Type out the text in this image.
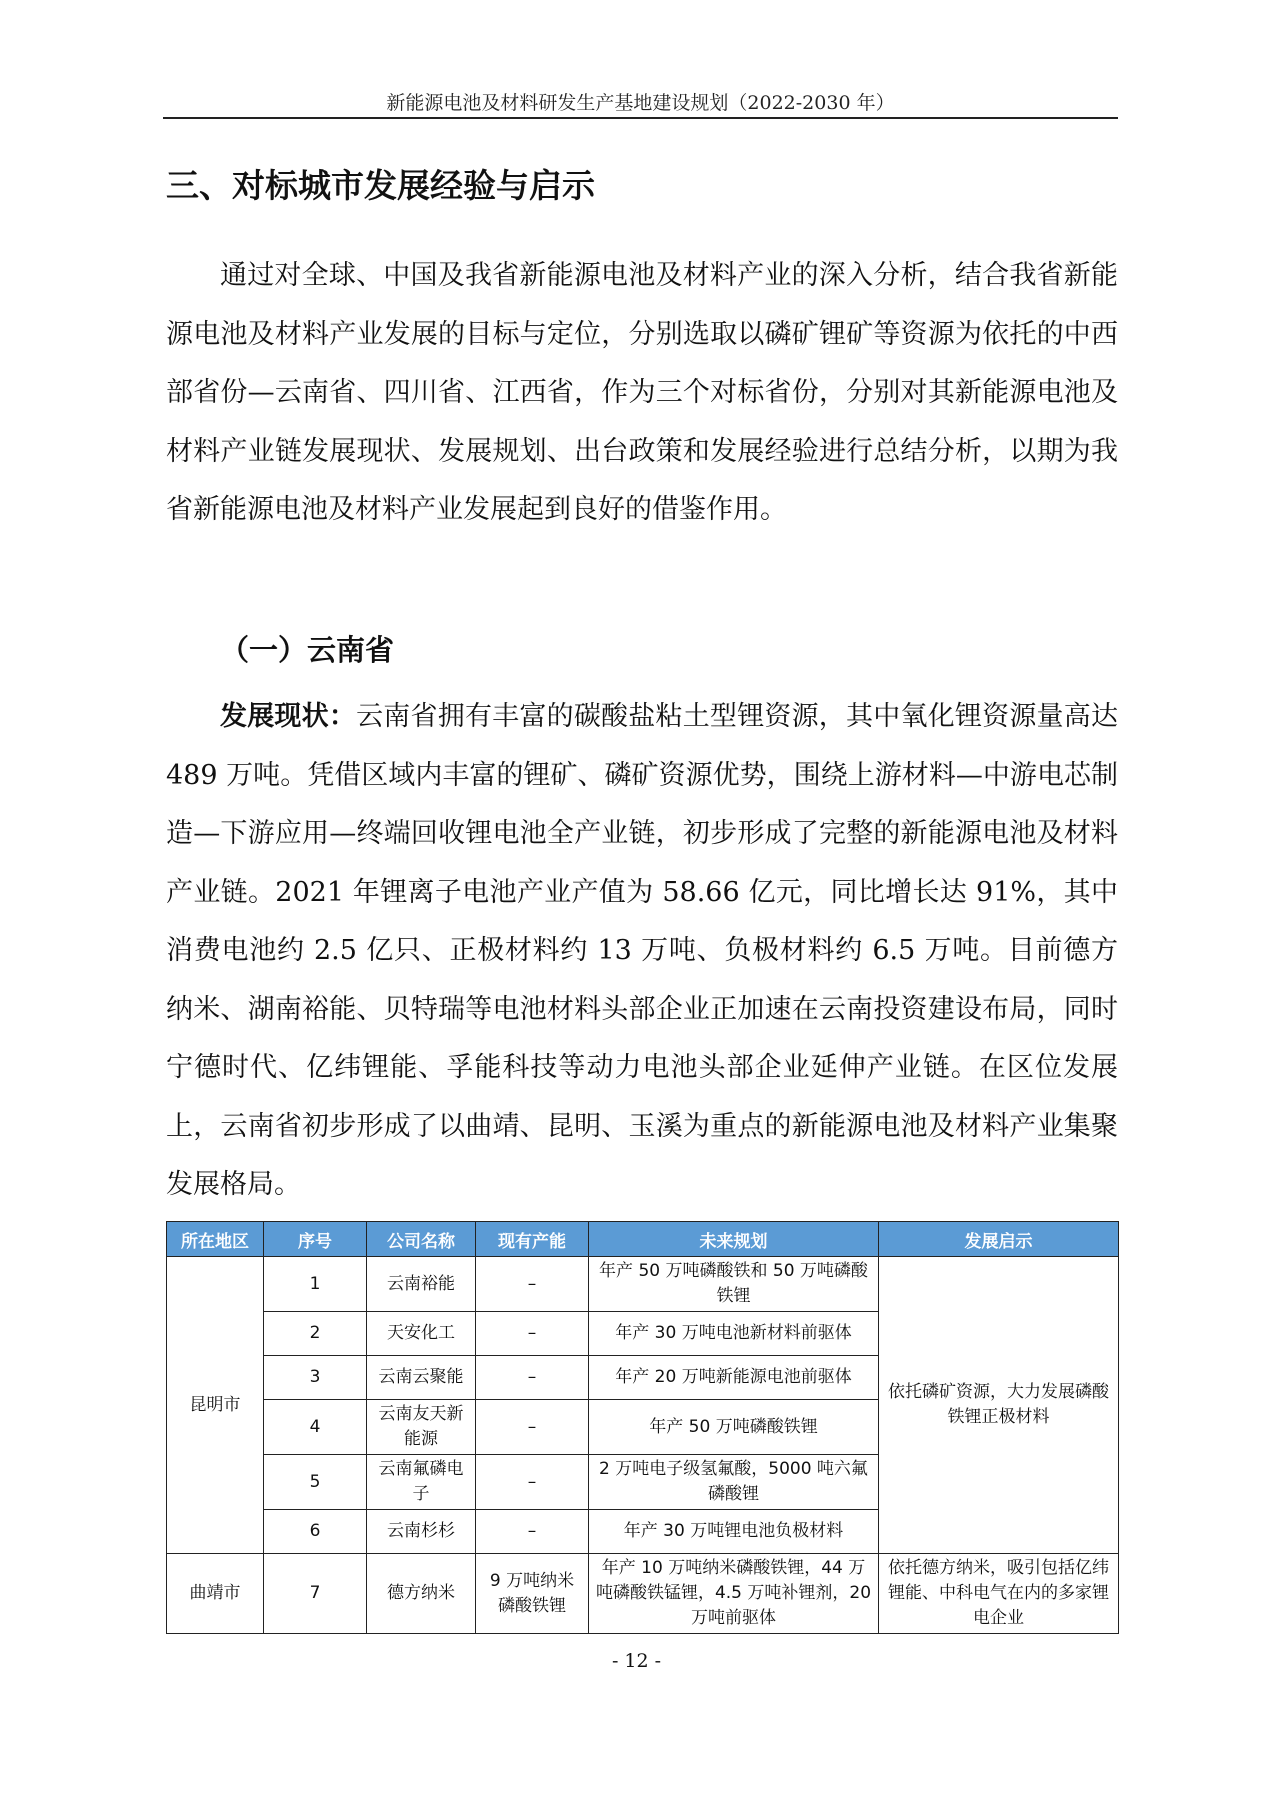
新能源电池及材料研发生产基地建设规划（2022-2030 年）
三、对标城市发展经验与启示

通过对全球、中国及我省新能源电池及材料产业的深入分析，结合我省新能源电池及材料产业发展的目标与定位，分别选取以磷矿锂矿等资源为依托的中西部省份—云南省、四川省、江西省，作为三个对标省份，分别对其新能源电池及材料产业链发展现状、发展规划、出台政策和发展经验进行总结分析，以期为我省新能源电池及材料产业发展起到良好的借鉴作用。

（一）云南省

发展现状：云南省拥有丰富的碳酸盐粘土型锂资源，其中氧化锂资源量高达 489 万吨。凭借区域内丰富的锂矿、磷矿资源优势，围绕上游材料—中游电芯制造—下游应用—终端回收锂电池全产业链，初步形成了完整的新能源电池及材料产业链。2021 年锂离子电池产业产值为 58.66 亿元，同比增长达 91%，其中消费电池约 2.5 亿只、正极材料约 13 万吨、负极材料约 6.5 万吨。目前德方纳米、湖南裕能、贝特瑞等电池材料头部企业正加速在云南投资建设布局，同时宁德时代、亿纬锂能、孚能科技等动力电池头部企业延伸产业链。在区位发展上，云南省初步形成了以曲靖、昆明、玉溪为重点的新能源电池及材料产业集聚发展格局。

所在地区	序号	公司名称	现有产能	未来规划	发展启示
昆明市	1	云南裕能	–	年产 50 万吨磷酸铁和 50 万吨磷酸铁锂	依托磷矿资源，大力发展磷酸铁锂正极材料
	2	天安化工	–	年产 30 万吨电池新材料前驱体	
	3	云南云聚能	–	年产 20 万吨新能源电池前驱体	
	4	云南友天新能源	–	年产 50 万吨磷酸铁锂	
	5	云南氟磷电子	–	2 万吨电子级氢氟酸，5000 吨六氟磷酸锂	
	6	云南杉杉	–	年产 30 万吨锂电池负极材料	
曲靖市	7	德方纳米	9 万吨纳米磷酸铁锂	年产 10 万吨纳米磷酸铁锂，44 万吨磷酸铁锰锂，4.5 万吨补锂剂，20 万吨前驱体	依托德方纳米，吸引包括亿纬锂能、中科电气在内的多家锂电企业
- 12 -
